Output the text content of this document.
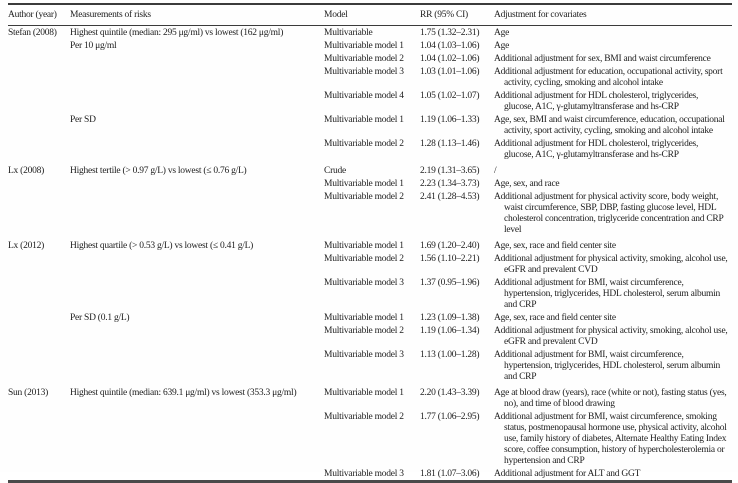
Author (year)	Measurements of risks	Model	RR (95% CI)	Adjustment for covariates
Stefan (2008)	Highest quintile (median: 295 μg/ml) vs lowest (162 μg/ml)	Multivariable	1.75 (1.32–2.31)	Age
	Per 10 μg/ml	Multivariable model 1	1.04 (1.03–1.06)	Age
		Multivariable model 2	1.04 (1.02–1.06)	Additional adjustment for sex, BMI and waist circumference
		Multivariable model 3	1.03 (1.01–1.06)	Additional adjustment for education, occupational activity, sport activity, cycling, smoking and alcohol intake
		Multivariable model 4	1.05 (1.02–1.07)	Additional adjustment for HDL cholesterol, triglycerides, glucose, A1C, γ-glutamyltransferase and hs-CRP
	Per SD	Multivariable model 1	1.19 (1.06–1.33)	Age, sex, BMI and waist circumference, education, occupational activity, sport activity, cycling, smoking and alcohol intake
		Multivariable model 2	1.28 (1.13–1.46)	Additional adjustment for HDL cholesterol, triglycerides, glucose, A1C, γ-glutamyltransferase and hs-CRP
Lx (2008)	Highest tertile (> 0.97 g/L) vs lowest (≤ 0.76 g/L)	Crude	2.19 (1.31–3.65)	/
		Multivariable model 1	2.23 (1.34–3.73)	Age, sex, and race
		Multivariable model 2	2.41 (1.28–4.53)	Additional adjustment for physical activity score, body weight, waist circumference, SBP, DBP, fasting glucose level, HDL cholesterol concentration, triglyceride concentration and CRP level
Lx (2012)	Highest quartile (> 0.53 g/L) vs lowest (≤ 0.41 g/L)	Multivariable model 1	1.69 (1.20–2.40)	Age, sex, race and field center site
		Multivariable model 2	1.56 (1.10–2.21)	Additional adjustment for physical activity, smoking, alcohol use, eGFR and prevalent CVD
		Multivariable model 3	1.37 (0.95–1.96)	Additional adjustment for BMI, waist circumference, hypertension, triglycerides, HDL cholesterol, serum albumin and CRP
	Per SD (0.1 g/L)	Multivariable model 1	1.23 (1.09–1.38)	Age, sex, race and field center site
		Multivariable model 2	1.19 (1.06–1.34)	Additional adjustment for physical activity, smoking, alcohol use, eGFR and prevalent CVD
		Multivariable model 3	1.13 (1.00–1.28)	Additional adjustment for BMI, waist circumference, hypertension, triglycerides, HDL cholesterol, serum albumin and CRP
Sun (2013)	Highest quintile (median: 639.1 μg/ml) vs lowest (353.3 μg/ml)	Multivariable model 1	2.20 (1.43–3.39)	Age at blood draw (years), race (white or not), fasting status (yes, no), and time of blood drawing
		Multivariable model 2	1.77 (1.06–2.95)	Additional adjustment for BMI, waist circumference, smoking status, postmenopausal hormone use, physical activity, alcohol use, family history of diabetes, Alternate Healthy Eating Index score, coffee consumption, history of hypercholesterolemia or hypertension and CRP
		Multivariable model 3	1.81 (1.07–3.06)	Additional adjustment for ALT and GGT
